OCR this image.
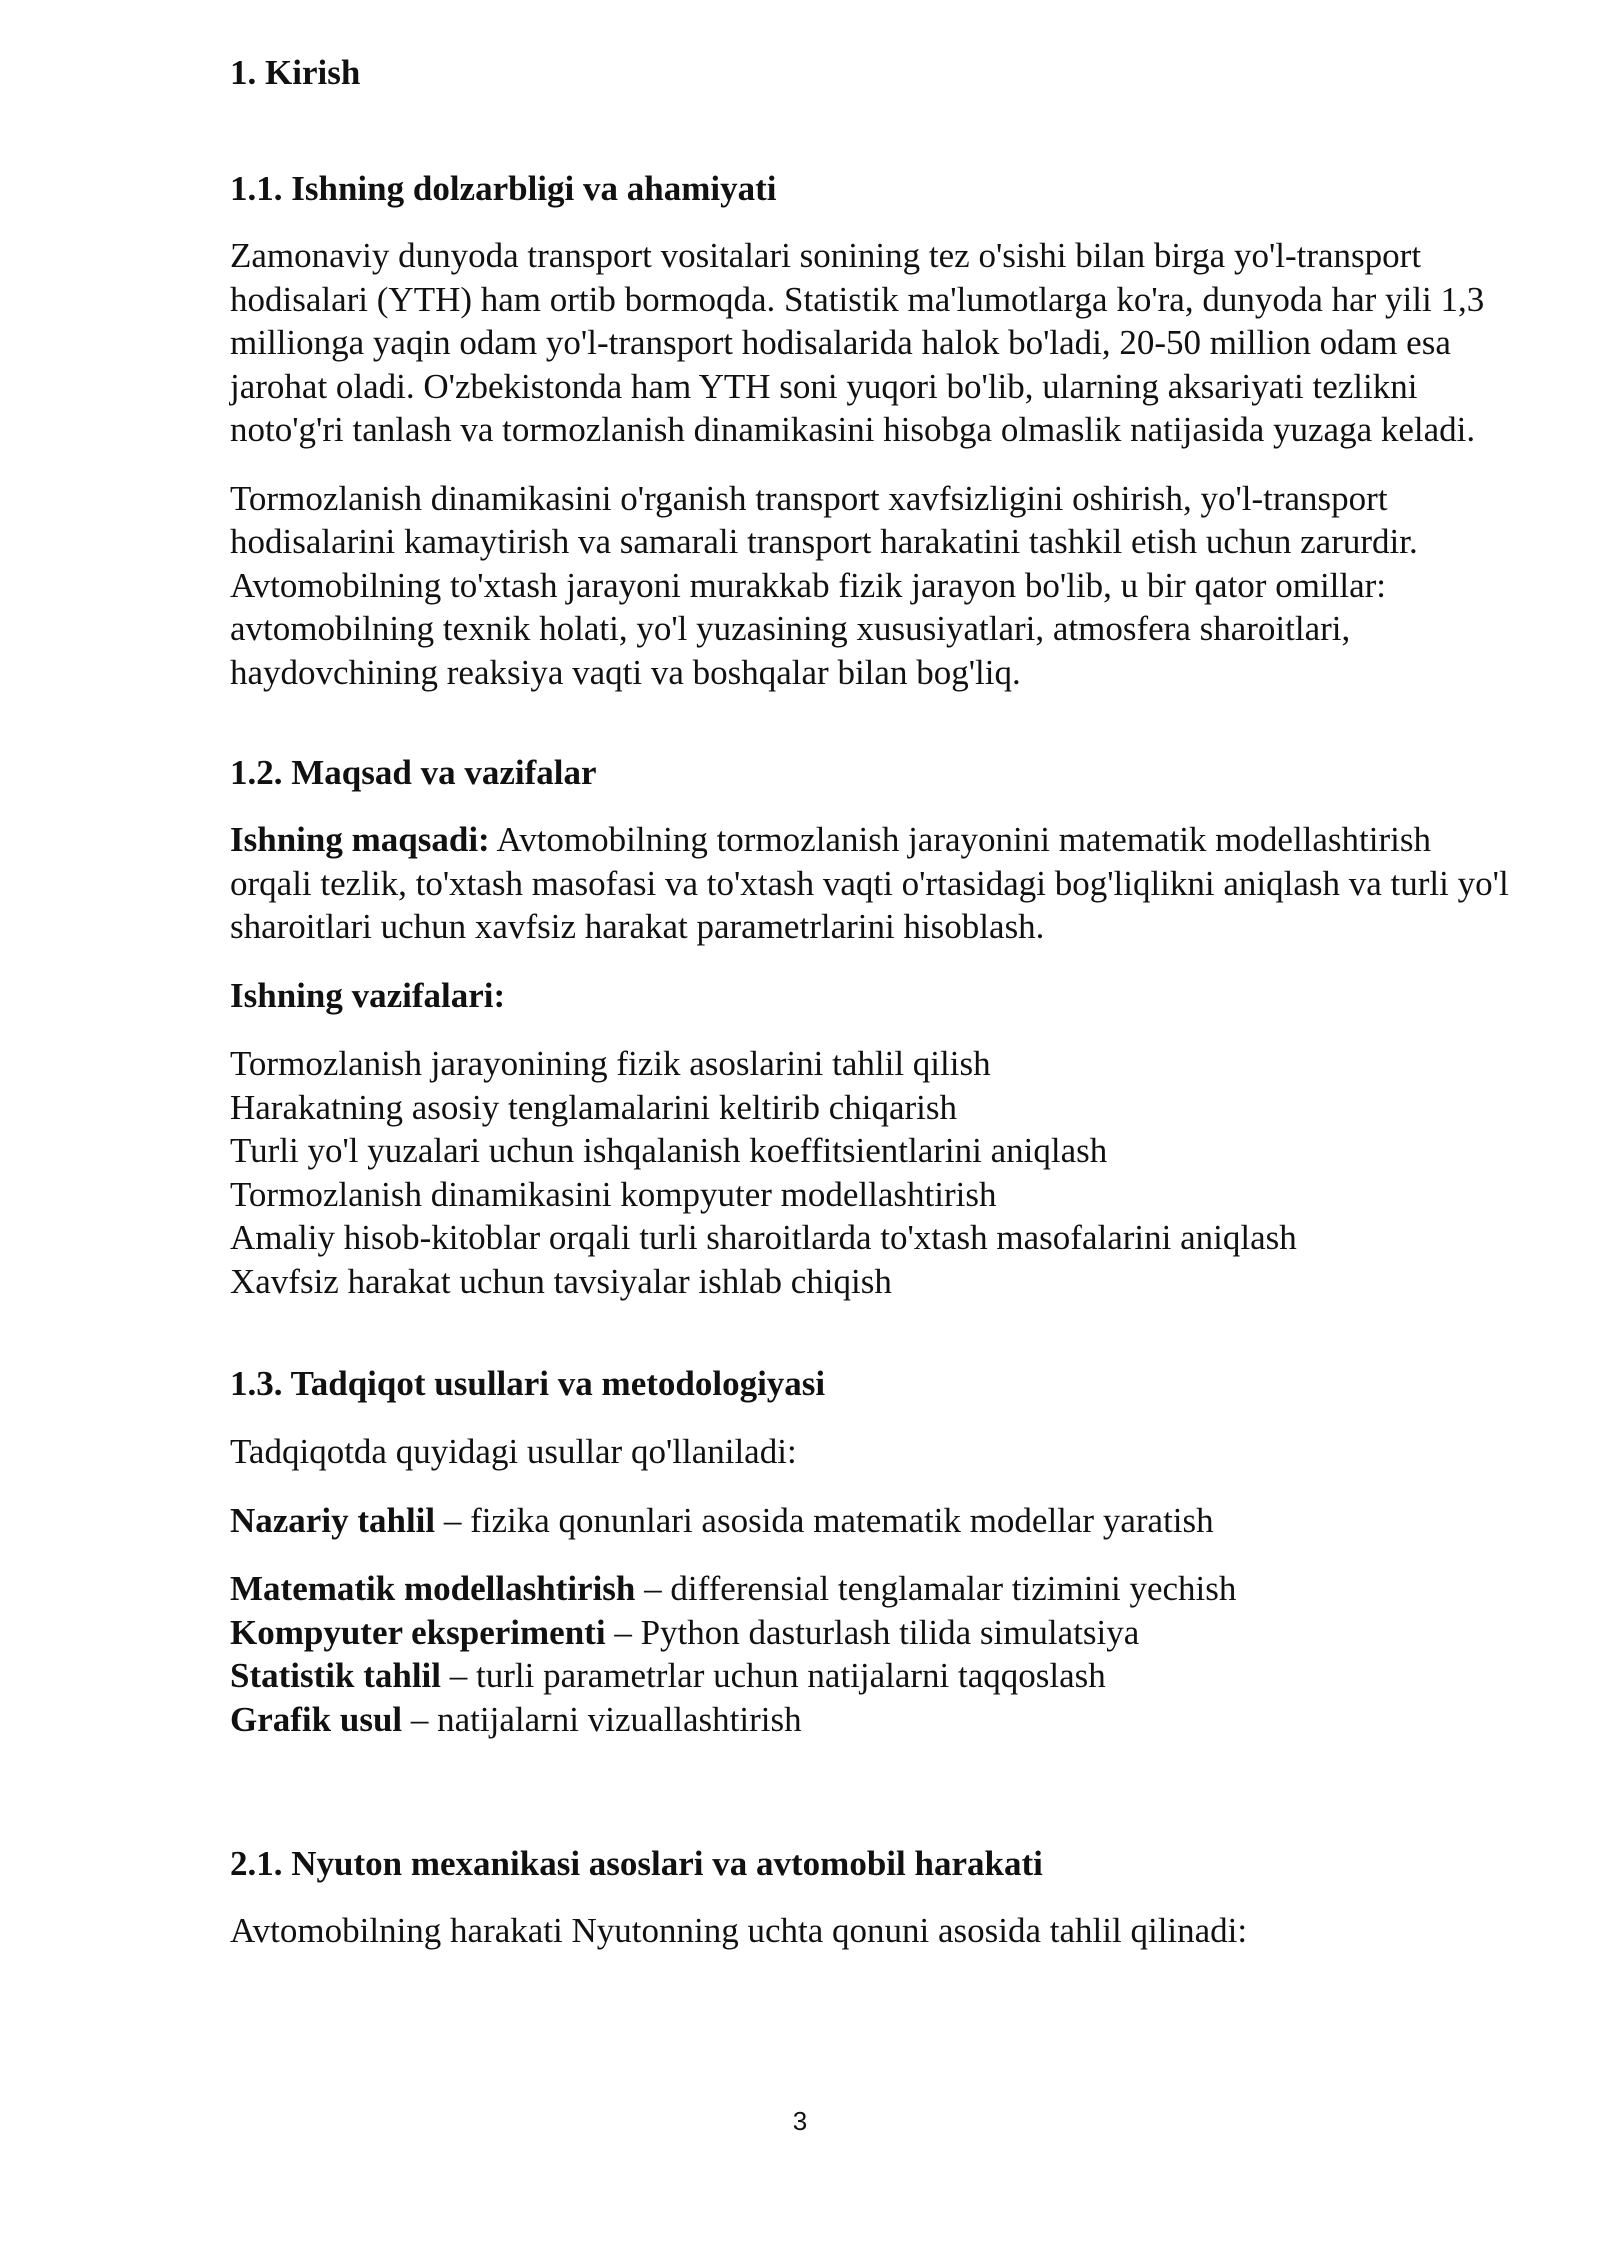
1. Kirish
1.1. Ishning dolzarbligi va ahamiyati

Zamonaviy dunyoda transport vositalari sonining tez o'sishi bilan birga yo'l-transport hodisalari (YTH) ham ortib bormoqda. Statistik ma'lumotlarga ko'ra, dunyoda har yili 1,3 millionga yaqin odam yo'l-transport hodisalarida halok bo'ladi, 20-50 million odam esa jarohat oladi. O'zbekistonda ham YTH soni yuqori bo'lib, ularning aksariyati tezlikni noto'g'ri tanlash va tormozlanish dinamikasini hisobga olmaslik natijasida yuzaga keladi.

Tormozlanish dinamikasini o'rganish transport xavfsizligini oshirish, yo'l-transport hodisalarini kamaytirish va samarali transport harakatini tashkil etish uchun zarurdir. Avtomobilning to'xtash jarayoni murakkab fizik jarayon bo'lib, u bir qator omillar: avtomobilning texnik holati, yo'l yuzasining xususiyatlari, atmosfera sharoitlari, haydovchining reaksiya vaqti va boshqalar bilan bog'liq.

1.2. Maqsad va vazifalar

Ishning maqsadi: Avtomobilning tormozlanish jarayonini matematik modellashtirish orqali tezlik, to'xtash masofasi va to'xtash vaqti o'rtasidagi bog'liqlikni aniqlash va turli yo'l sharoitlari uchun xavfsiz harakat parametrlarini hisoblash.

Ishning vazifalari:
Tormozlanish jarayonining fizik asoslarini tahlil qilish
Harakatning asosiy tenglamalarini keltirib chiqarish
Turli yo'l yuzalari uchun ishqalanish koeffitsientlarini aniqlash
Tormozlanish dinamikasini kompyuter modellashtirish
Amaliy hisob-kitoblar orqali turli sharoitlarda to'xtash masofalarini aniqlash
Xavfsiz harakat uchun tavsiyalar ishlab chiqish
1.3. Tadqiqot usullari va metodologiyasi

Tadqiqotda quyidagi usullar qo'llaniladi:

Nazariy tahlil – fizika qonunlari asosida matematik modellar yaratish

Matematik modellashtirish – differensial tenglamalar tizimini yechish

Kompyuter eksperimenti – Python dasturlash tilida simulatsiya

Statistik tahlil – turli parametrlar uchun natijalarni taqqoslash

Grafik usul – natijalarni vizuallashtirish

2.1. Nyuton mexanikasi asoslari va avtomobil harakati

Avtomobilning harakati Nyutonning uchta qonuni asosida tahlil qilinadi:

3
